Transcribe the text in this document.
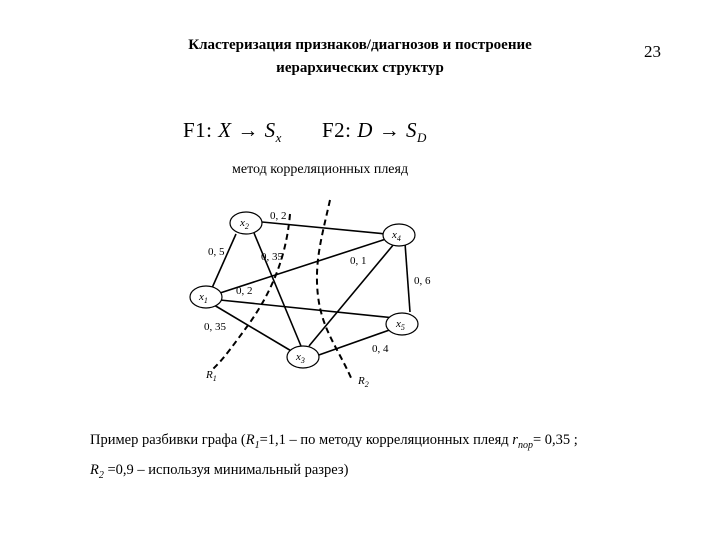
Кластеризация признаков/диагнозов и построение
иерархических структур
23
F1: $X \to S_x$ F2: $D \to S_D$
метод корреляционных плеяд
$x_2$
$x_4$
$x_1$
$x_5$
$x_3$
0, 2
0, 5	0, 35	0, 1
0, 6
0, 2
0, 35
0, 4
$R_1$	$R_2$
Пример разбивки графа ($R_1=1,1$ – по методу корреляционных плеяд $r_{пор}= 0,35$ ;
$R_2 =0,9$ – используя минимальный разрез)
